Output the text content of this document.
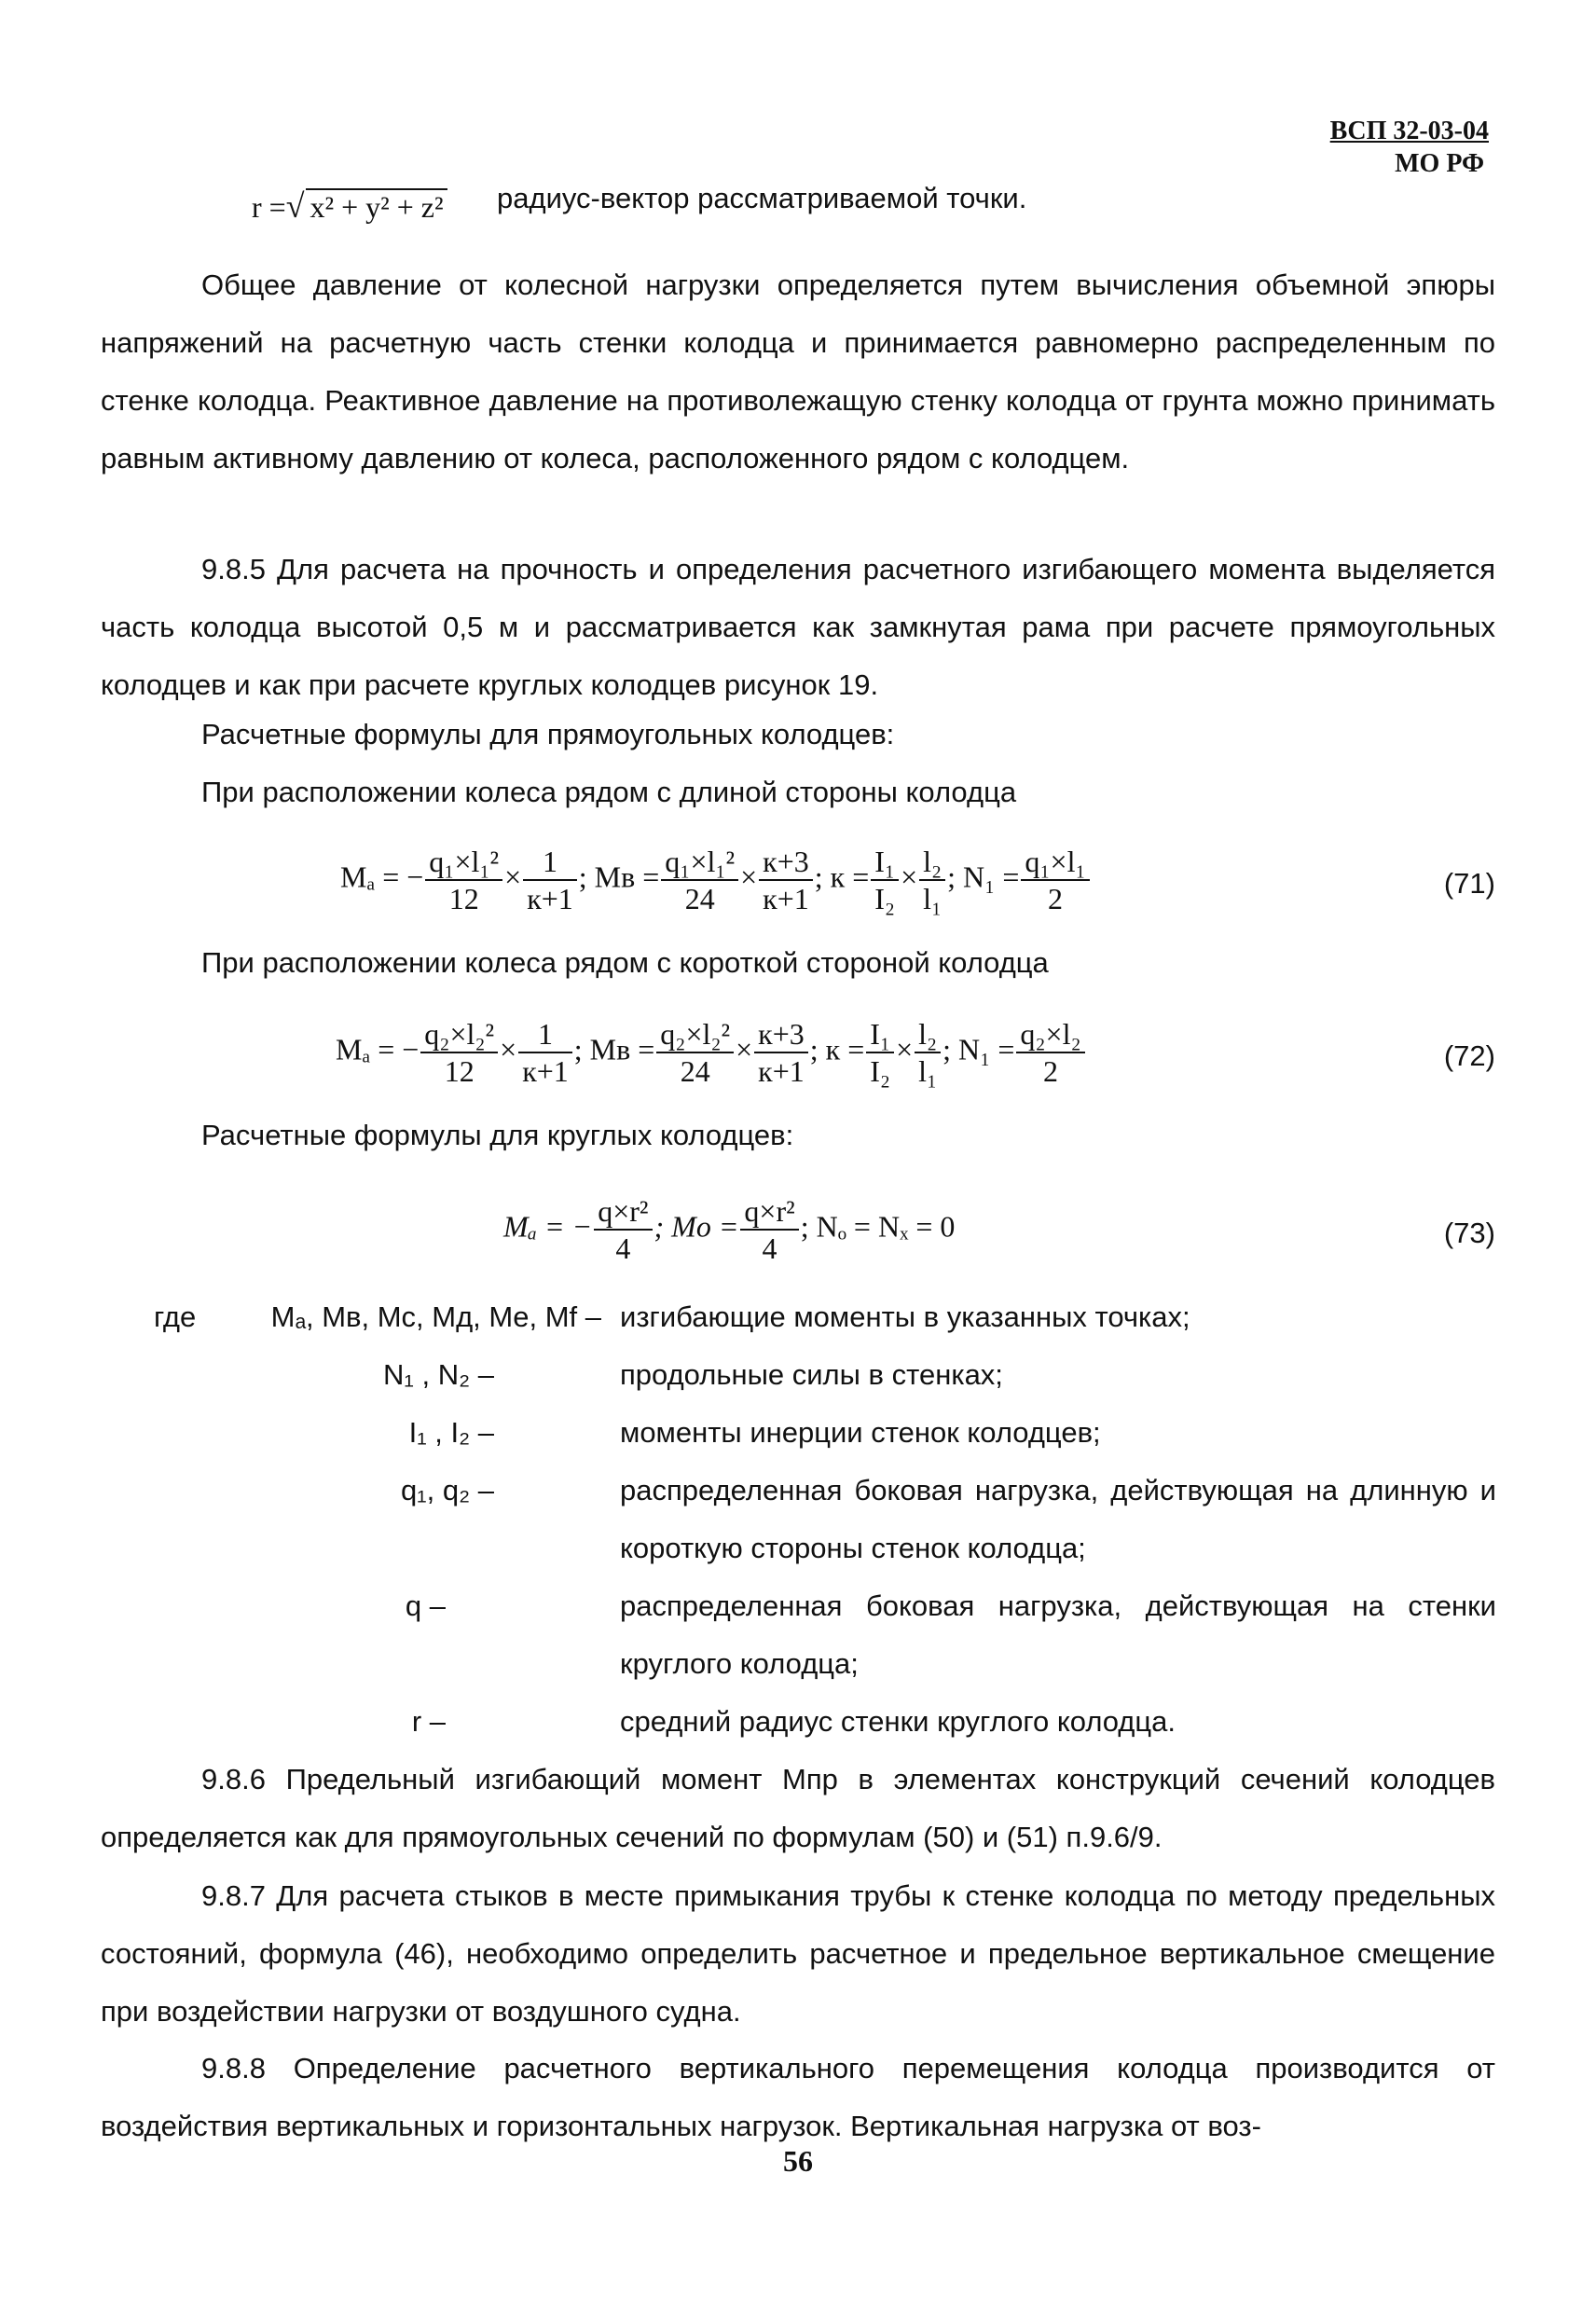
ВСП 32-03-04
МО РФ
r =√ x² + y² + z² радиус-вектор рассматриваемой точки.
Общее давление от колесной нагрузки определяется путем вычисления объемной эпюры напряжений на расчетную часть стенки колодца и принимается равномерно распределенным по стенке колодца. Реактивное давление на противолежащую стенку колодца от грунта можно принимать равным активному давлению от колеса, расположенного рядом с колодцем.
9.8.5 Для расчета на прочность и определения расчетного изгибающего момента выделяется часть колодца высотой 0,5 м и рассматривается как замкнутая рама при расчете прямоугольных колодцев и как при расчете круглых колодцев рисунок 19.
Расчетные формулы для прямоугольных колодцев:
При расположении колеса рядом с длиной стороны колодца
Mₐ = − $\frac{\text{q₁×l₁²}}{12} \times \frac{1}{к+1}$ ; Mв = $\frac{\text{q₁×l₁²}}{24} \times \frac{к+3}{к+1}$ ; $к = \frac{\text{I₁}}{\text{I₂}} \times \frac{\text{l₂}}{\text{l₁}}$ ; $N_1 = \frac{\text{q₁×l₁}}{2}$	(71)
При расположении колеса рядом с короткой стороной колодца
Mₐ = − $\frac{\text{q₂×l₂²}}{12} \times \frac{1}{к+1}$ ; Mв = $\frac{\text{q₂×l₂²}}{24} \times \frac{к+3}{к+1}$ ; $к = \frac{\text{I₁}}{\text{I₂}} \times \frac{\text{l₂}}{\text{l₁}}$ ; $N_1 = \frac{\text{q₂×l₂}}{2}$	(72)
Расчетные формулы для круглых колодцев:
Mₐ = − $\frac{\text{q×r²}}{4}$ ; Mо = $\frac{\text{q×r²}}{4}$ ; Nₒ = Nₓ = 0	(73)
где	Mₐ, Mв, Mс, Mд, Mе, Mf – изгибающие моменты в указанных точках;
N₁ , N₂ –	продольные силы в стенках;
I₁ , I₂ –	моменты инерции стенок колодцев;
q₁, q₂ –	распределенная боковая нагрузка, действующая на длинную и короткую стороны стенок колодца;
q –	распределенная боковая нагрузка, действующая на стенки круглого колодца;
r –	средний радиус стенки круглого колодца.
9.8.6 Предельный изгибающий момент Mпр в элементах конструкций сечений колодцев определяется как для прямоугольных сечений по формулам (50) и (51) п.9.6/9.
9.8.7 Для расчета стыков в месте примыкания трубы к стенке колодца по методу предельных состояний, формула (46), необходимо определить расчетное и предельное вертикальное смещение при воздействии нагрузки от воздушного судна.
9.8.8 Определение расчетного вертикального перемещения колодца производится от воздействия вертикальных и горизонтальных нагрузок. Вертикальная нагрузка от воз-
56
